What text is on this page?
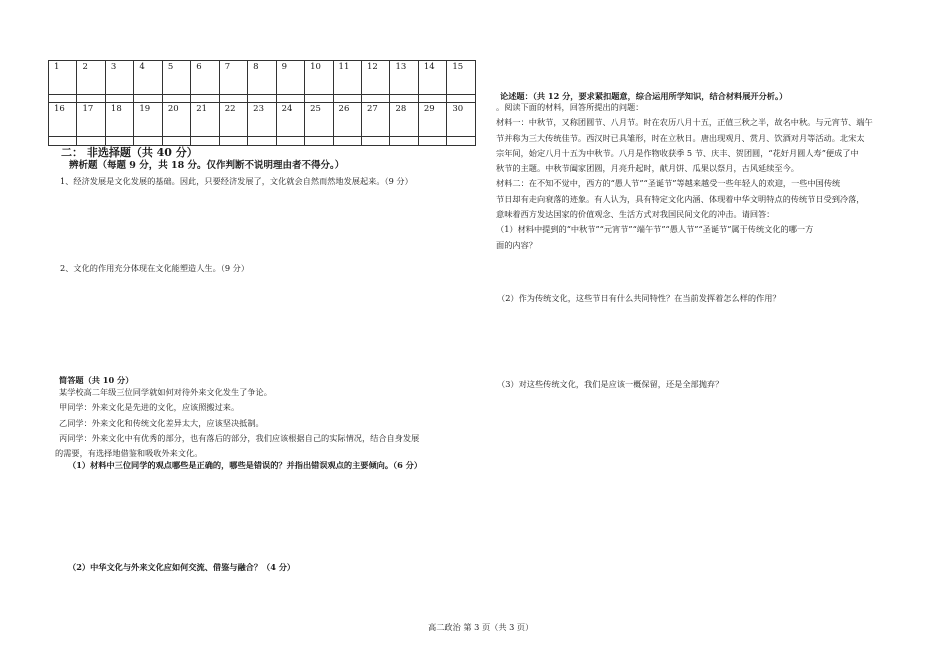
1	2	3	4	5	6	7	8	9	10	11	12	13	14	15

16	17	18	19	20	21	22	23	24	25	26	27	28	29	30

二： 非选择题（共 40 分）
辨析题（每题 9 分，共 18 分。仅作判断不说明理由者不得分。）
1、经济发展是文化发展的基础。因此，只要经济发展了，文化就会自然而然地发展起来。（9 分）
2、文化的作用充分体现在文化能塑造人生。（9 分）
简答题（共 10 分）
某学校高二年级三位同学就如何对待外来文化发生了争论。
甲同学：外来文化是先进的文化，应该照搬过来。
乙同学：外来文化和传统文化差异太大，应该坚决抵制。
丙同学：外来文化中有优秀的部分，也有落后的部分，我们应该根据自己的实际情况，结合自身发展
的需要，有选择地借鉴和吸收外来文化。
（1）材料中三位同学的观点哪些是正确的，哪些是错误的？并指出错误观点的主要倾向。（6 分）
（2）中华文化与外来文化应如何交流、借鉴与融合？（4 分）
论述题：（共 12 分，要求紧扣题意，综合运用所学知识，结合材料展开分析。）
。阅读下面的材料，回答所提出的问题：
材料一：中秋节，又称团圆节、八月节。时在农历八月十五，正值三秋之半，故名中秋。与元宵节、端午
节并称为三大传统佳节。西汉时已具雏形，时在立秋日。唐出现观月、赏月、饮酒对月等活动。北宋太
宗年间，始定八月十五为中秋节。八月是作物收获季 5 节、庆丰、贺团圆，“花好月圆人寿”便成了中
秋节的主题。中秋节阖家团圆，月亮升起时，献月饼、瓜果以祭月，古风延续至今。
材料二：在不知不觉中，西方的“愚人节”“圣诞节”等越来越受一些年轻人的欢迎，一些中国传统
节日却有走向衰落的迹象。有人认为，具有特定文化内涵、体现着中华文明特点的传统节日受到冷落，
意味着西方发达国家的价值观念、生活方式对我国民间文化的冲击。请回答：
（1）材料中提到的“中秋节”“元宵节”“端午节”“愚人节”“圣诞节”属于传统文化的哪一方
面的内容？
（2）作为传统文化，这些节日有什么共同特性？在当前发挥着怎么样的作用？
（3）对这些传统文化，我们是应该一概保留，还是全部抛弃？
高二政治 第 3 页（共 3 页）
